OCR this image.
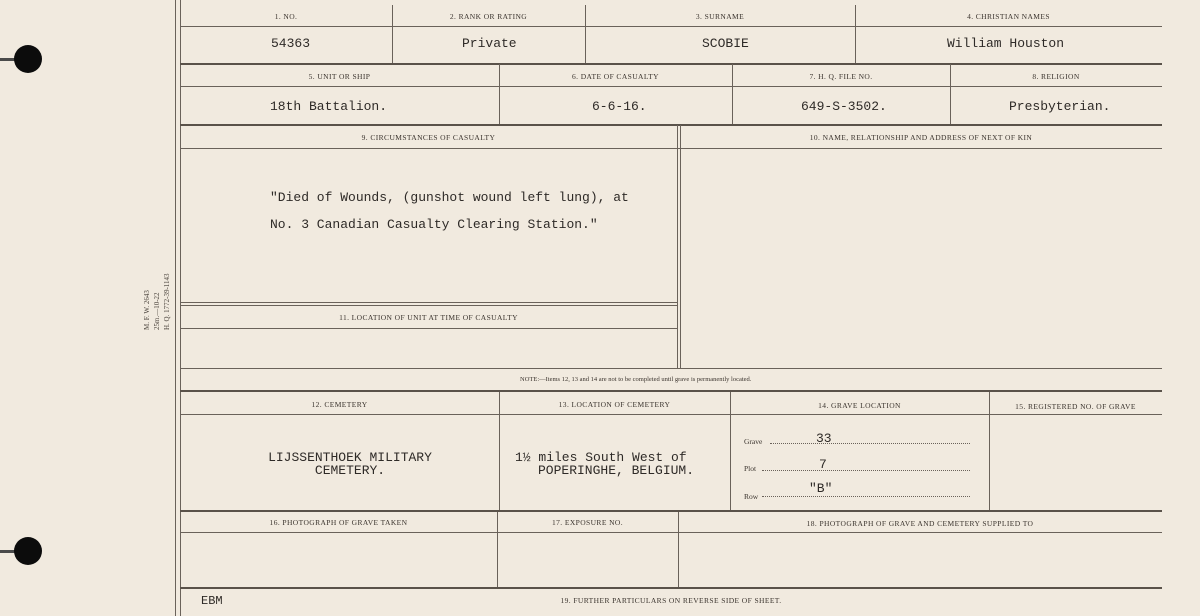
M. F. W. 2643 25m.—10-22 H. Q. 1772-39-1143
1. NO.	2. RANK OR RATING	3. SURNAME	4. CHRISTIAN NAMES
54363	Private	SCOBIE	William Houston
5. UNIT OR SHIP	6. DATE OF CASUALTY	7. H. Q. FILE NO.	8. RELIGION
18th Battalion.	6-6-16.	649-S-3502.	Presbyterian.
9. CIRCUMSTANCES OF CASUALTY	10. NAME, RELATIONSHIP AND ADDRESS OF NEXT OF KIN
"Died of Wounds, (gunshot wound left lung), at
No. 3 Canadian Casualty Clearing Station."
11. LOCATION OF UNIT AT TIME OF CASUALTY
NOTE:—Items 12, 13 and 14 are not to be completed until grave is permanently located.
12. CEMETERY	13. LOCATION OF CEMETERY	14. GRAVE LOCATION	15. REGISTERED NO. OF GRAVE
LIJSSENTHOEK MILITARY
CEMETERY.
1½ miles South West of
POPERINGHE, BELGIUM.
Grave	33
Plot	7
Row
"B"
16. PHOTOGRAPH OF GRAVE TAKEN	17. EXPOSURE NO.	18. PHOTOGRAPH OF GRAVE AND CEMETERY SUPPLIED TO
EBM	19. FURTHER PARTICULARS ON REVERSE SIDE OF SHEET.
